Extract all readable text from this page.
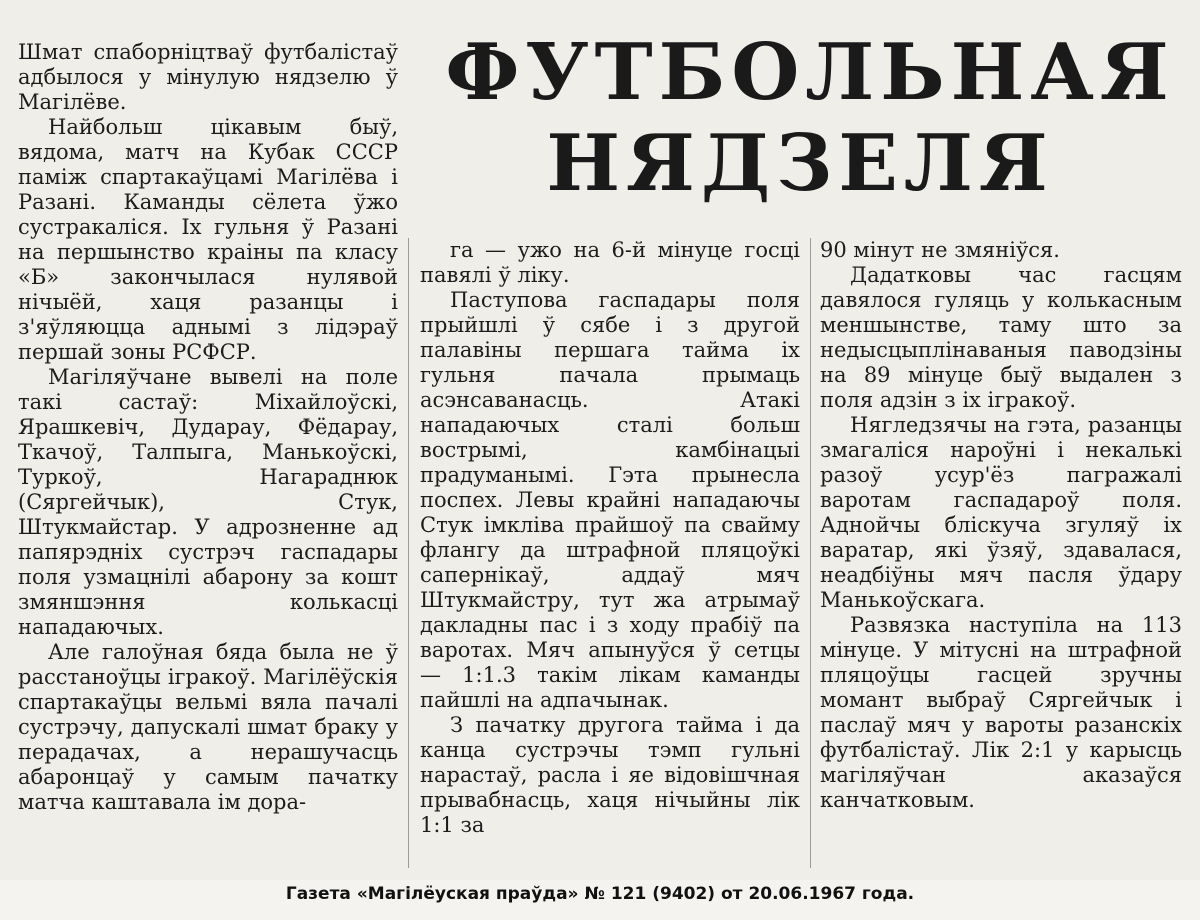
ФУТБОЛЬНАЯ
НЯДЗЕЛЯ

Шмат спаборніцтваў футбалістаў адбылося у мінулую нядзелю ў Магілёве.

Найбольш цікавым быў, вядома, матч на Кубак СССР паміж спартакаўцамі Магілёва і Разані. Каманды сёлета ўжо сустракаліся. Іх гульня ў Разані на першынство краіны па класу «Б» закончылася нулявой нічыёй, хаця разанцы і з'яўляюцца аднымі з лідэраў першай зоны РСФСР.

Магіляўчане вывелі на поле такі састаў: Міхайлоўскі, Ярашкевіч, Дударау, Фёдарау, Ткачоў, Талпыга, Манькоўскі, Туркоў, Нагараднюк (Сяргейчык), Стук, Штукмайстар. У адрозненне ад папярэдніх сустрэч гаспадары поля узмацнілі абарону за кошт змяншэння колькасці нападаючых.

Але галоўная бяда была не ў расстаноўцы ігракоў. Магілёўскія спартакаўцы вельмі вяла пачалі сустрэчу, дапускалі шмат браку у перадачах, а нерашучасць абаронцаў у самым пачатку матча каштавала ім дора-

га — ужо на 6-й мінуце госці павялі ў ліку.

Паступова гаспадары поля прыйшлі ў сябе і з другой палавіны першага тайма іх гульня пачала прымаць асэнсаванасць. Атакі нападаючых сталі больш вострымі, камбінацыі прадуманымі. Гэта прынесла поспех. Левы крайні нападаючы Стук імкліва прайшоў па свайму флангу да штрафной пляцоўкі сапернікаў, аддаў мяч Штукмайстру, тут жа атрымаў дакладны пас і з ходу прабіў па варотах. Мяч апынуўся ў сетцы — 1:1.3 такім лікам каманды пайшлі на адпачынак.

З пачатку другога тайма і да канца сустрэчы тэмп гульні нарастаў, расла і яе відовішчная прывабнасць, хаця нічыйны лік 1:1 за

90 мінут не змяніўся.

Дадатковы час гасцям давялося гуляць у колькасным меншынстве, таму што за недысцыплінаваныя паводзіны на 89 мінуце быў выдален з поля адзін з іх ігракоў.

Нягледзячы на гэта, разанцы змагаліся нароўні і некалькі разоў усур'ёз пагражалі варотам гаспадароў поля. Аднойчы бліскуча згуляў іх варатар, які ўзяў, здавалася, неадбіўны мяч пасля ўдару Манькоўскага.

Развязка наступіла на 113 мінуце. У мітусні на штрафной пляцоўцы гасцей зручны момант выбраў Сяргейчык і паслаў мяч у вароты разанскіх футбалістаў. Лік 2:1 у карысць магіляўчан аказаўся канчатковым.

Газета «Магілёуская праўда» № 121 (9402) от 20.06.1967 года.
